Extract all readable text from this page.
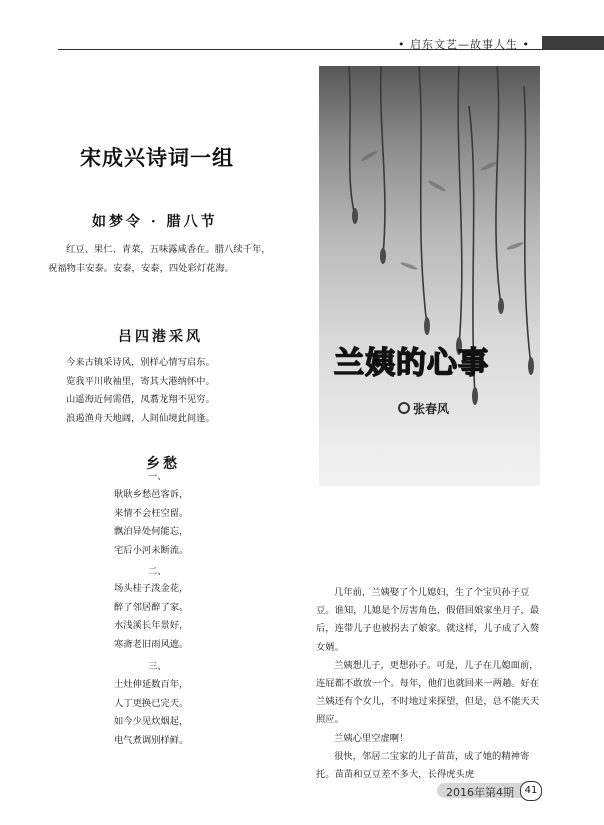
• 启东文艺—故事人生 •
宋成兴诗词一组
如梦令 · 腊八节
红豆、果仁、青菜，五味露咸香在。腊八续千年，祝福物丰安泰。安泰，安泰，四处彩灯花海。
吕四港采风
今来古镇采诗风，别样心情写启东。
览我平川收袖里，寄其大港纳怀中。
山遥海近何需借，凤翥龙翔不见穷。
浪遏渔舟天地阔，人间仙境此间逢。
乡愁
一、
耿耿乡愁邑客诉，
来情不会枉空留。
飘泊异处何能忘，
宅后小河未断流。
二、
场头桂子泼金花，
醉了邻居醉了家。
水浅溪长年景好，
寒斋老旧雨风遮。
三、
土灶伸延数百年，
人丁更换已完天。
如今少见炊烟起，
电气煮调别样鲜。
兰姨的心事
张春风

几年前，兰姨娶了个儿媳妇，生了个宝贝孙子豆豆。谁知，儿媳是个厉害角色，假借回娘家坐月子，最后，连带儿子也被拐去了娘家。就这样，儿子成了入赘女婿。

兰姨想儿子，更想孙子。可是，儿子在儿媳面前，连屁都不敢放一个。每年，他们也就回来一两趟。好在兰姨还有个女儿，不时地过来探望，但是，总不能天天照应。

兰姨心里空虚啊！

很快，邻居二宝家的儿子苗苗，成了她的精神寄托。苗苗和豆豆差不多大，长得虎头虎

2016年第4期	41
